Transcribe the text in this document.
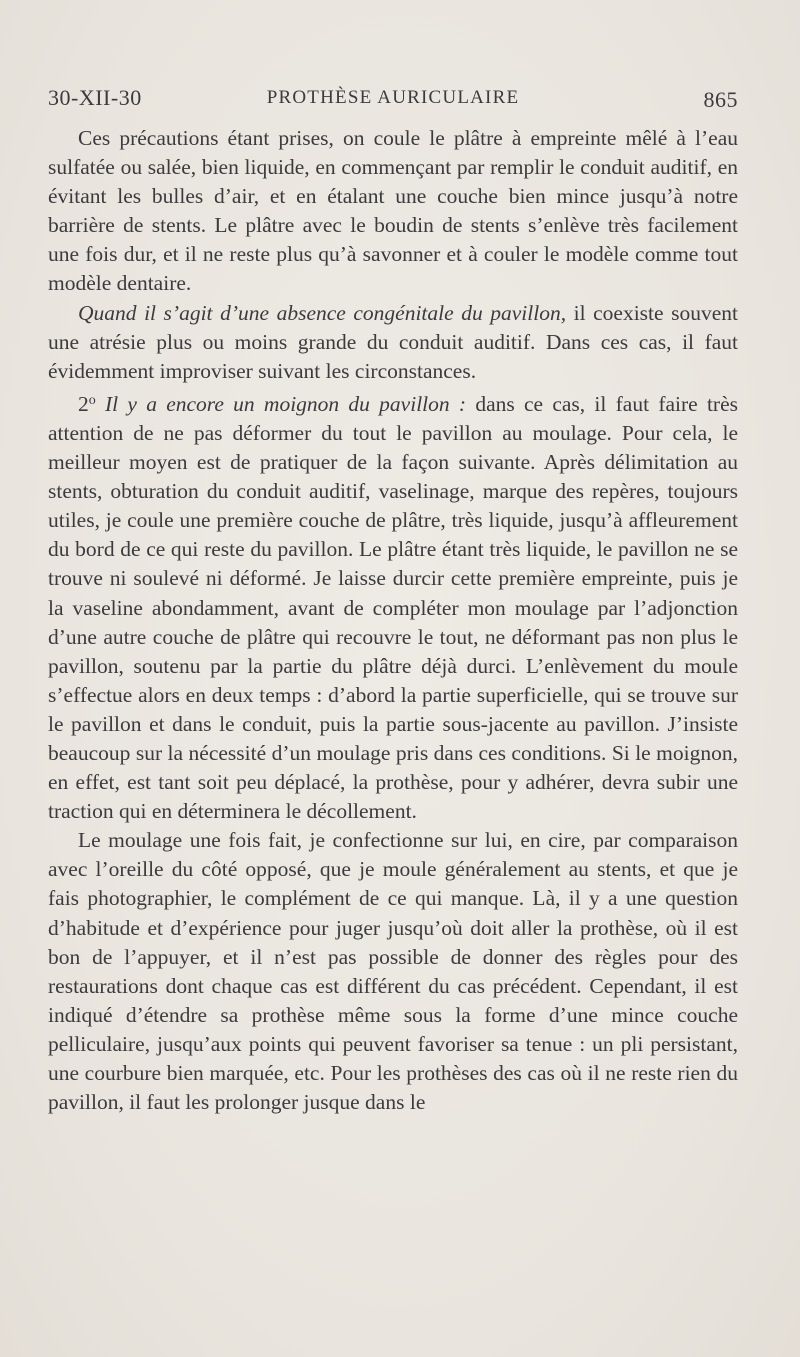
30-XII-30	PROTHÈSE AURICULAIRE	865

Ces précautions étant prises, on coule le plâtre à empreinte mêlé à l’eau sulfatée ou salée, bien liquide, en commençant par remplir le conduit auditif, en évitant les bulles d’air, et en étalant une couche bien mince jusqu’à notre barrière de stents. Le plâtre avec le boudin de stents s’enlève très facilement une fois dur, et il ne reste plus qu’à savonner et à couler le modèle comme tout modèle dentaire.

Quand il s’agit d’une absence congénitale du pavillon, il coexiste souvent une atrésie plus ou moins grande du conduit auditif. Dans ces cas, il faut évidemment improviser suivant les circonstances.

2$^o$ Il y a encore un moignon du pavillon : dans ce cas, il faut faire très attention de ne pas déformer du tout le pavillon au moulage. Pour cela, le meilleur moyen est de pratiquer de la façon suivante. Après délimitation au stents, obturation du conduit auditif, vaselinage, marque des repères, toujours utiles, je coule une première couche de plâtre, très liquide, jusqu’à affleurement du bord de ce qui reste du pavillon. Le plâtre étant très liquide, le pavillon ne se trouve ni soulevé ni déformé. Je laisse durcir cette première empreinte, puis je la vaseline abondamment, avant de compléter mon moulage par l’adjonction d’une autre couche de plâtre qui recouvre le tout, ne déformant pas non plus le pavillon, soutenu par la partie du plâtre déjà durci. L’enlèvement du moule s’effectue alors en deux temps : d’abord la partie superficielle, qui se trouve sur le pavillon et dans le conduit, puis la partie sous-jacente au pavillon. J’insiste beaucoup sur la nécessité d’un moulage pris dans ces conditions. Si le moignon, en effet, est tant soit peu déplacé, la prothèse, pour y adhérer, devra subir une traction qui en déterminera le décollement.

Le moulage une fois fait, je confectionne sur lui, en cire, par comparaison avec l’oreille du côté opposé, que je moule généralement au stents, et que je fais photographier, le complément de ce qui manque. Là, il y a une question d’habitude et d’expérience pour juger jusqu’où doit aller la prothèse, où il est bon de l’appuyer, et il n’est pas possible de donner des règles pour des restaurations dont chaque cas est différent du cas précédent. Cependant, il est indiqué d’étendre sa prothèse même sous la forme d’une mince couche pelliculaire, jusqu’aux points qui peuvent favoriser sa tenue : un pli persistant, une courbure bien marquée, etc. Pour les prothèses des cas où il ne reste rien du pavillon, il faut les prolonger jusque dans le
